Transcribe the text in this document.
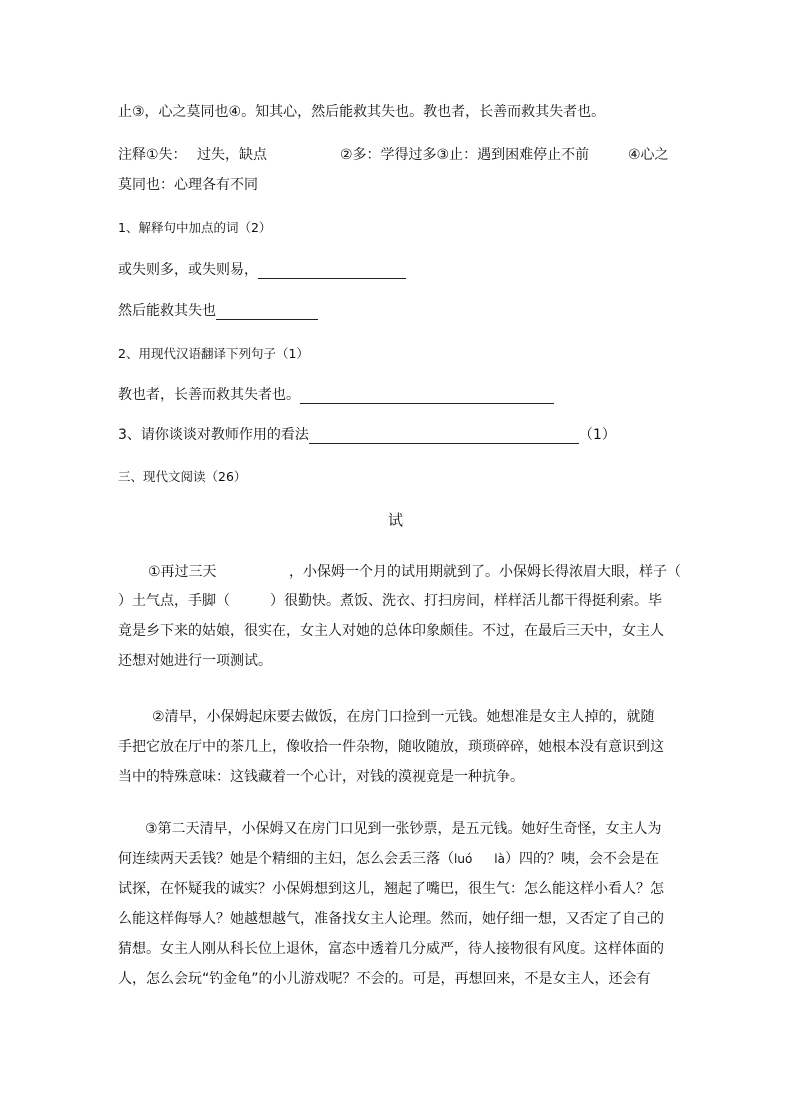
止③，心之莫同也④。知其心，然后能救其失也。教也者，长善而救其失者也。
注释①失： 过失，缺点	②多：学得过多③止：遇到困难停止不前	④心之
莫同也：心理各有不同
1、解释句中加点的词（2）
或失则多，或失则易，
然后能救其失也
2、用现代汉语翻译下列句子（1）
教也者，长善而救其失者也。
3、请你谈谈对教师作用的看法	（1）
三、现代文阅读（26）
试
①再过三天	，小保姆一个月的试用期就到了。小保姆长得浓眉大眼，样子（
）土气点，手脚（	）很勤快。煮饭、洗衣、打扫房间，样样活儿都干得挺利索。毕
竟是乡下来的姑娘，很实在，女主人对她的总体印象颇佳。不过，在最后三天中，女主人
还想对她进行一项测试。
②清早，小保姆起床要去做饭，在房门口捡到一元钱。她想准是女主人掉的，就随
手把它放在厅中的茶几上，像收拾一件杂物，随收随放，琐琐碎碎，她根本没有意识到这
当中的特殊意味：这钱藏着一个心计，对钱的漠视竟是一种抗争。
③第二天清早，小保姆又在房门口见到一张钞票，是五元钱。她好生奇怪，女主人为
何连续两天丢钱？她是个精细的主妇，怎么会丢三落（luó là）四的？咦，会不会是在
试探，在怀疑我的诚实？小保姆想到这儿，翘起了嘴巴，很生气：怎么能这样小看人？怎
么能这样侮辱人？她越想越气，准备找女主人论理。然而，她仔细一想，又否定了自己的
猜想。女主人刚从科长位上退休，富态中透着几分威严，待人接物很有风度。这样体面的
人，怎么会玩“钓金龟”的小儿游戏呢？不会的。可是，再想回来，不是女主人，还会有
